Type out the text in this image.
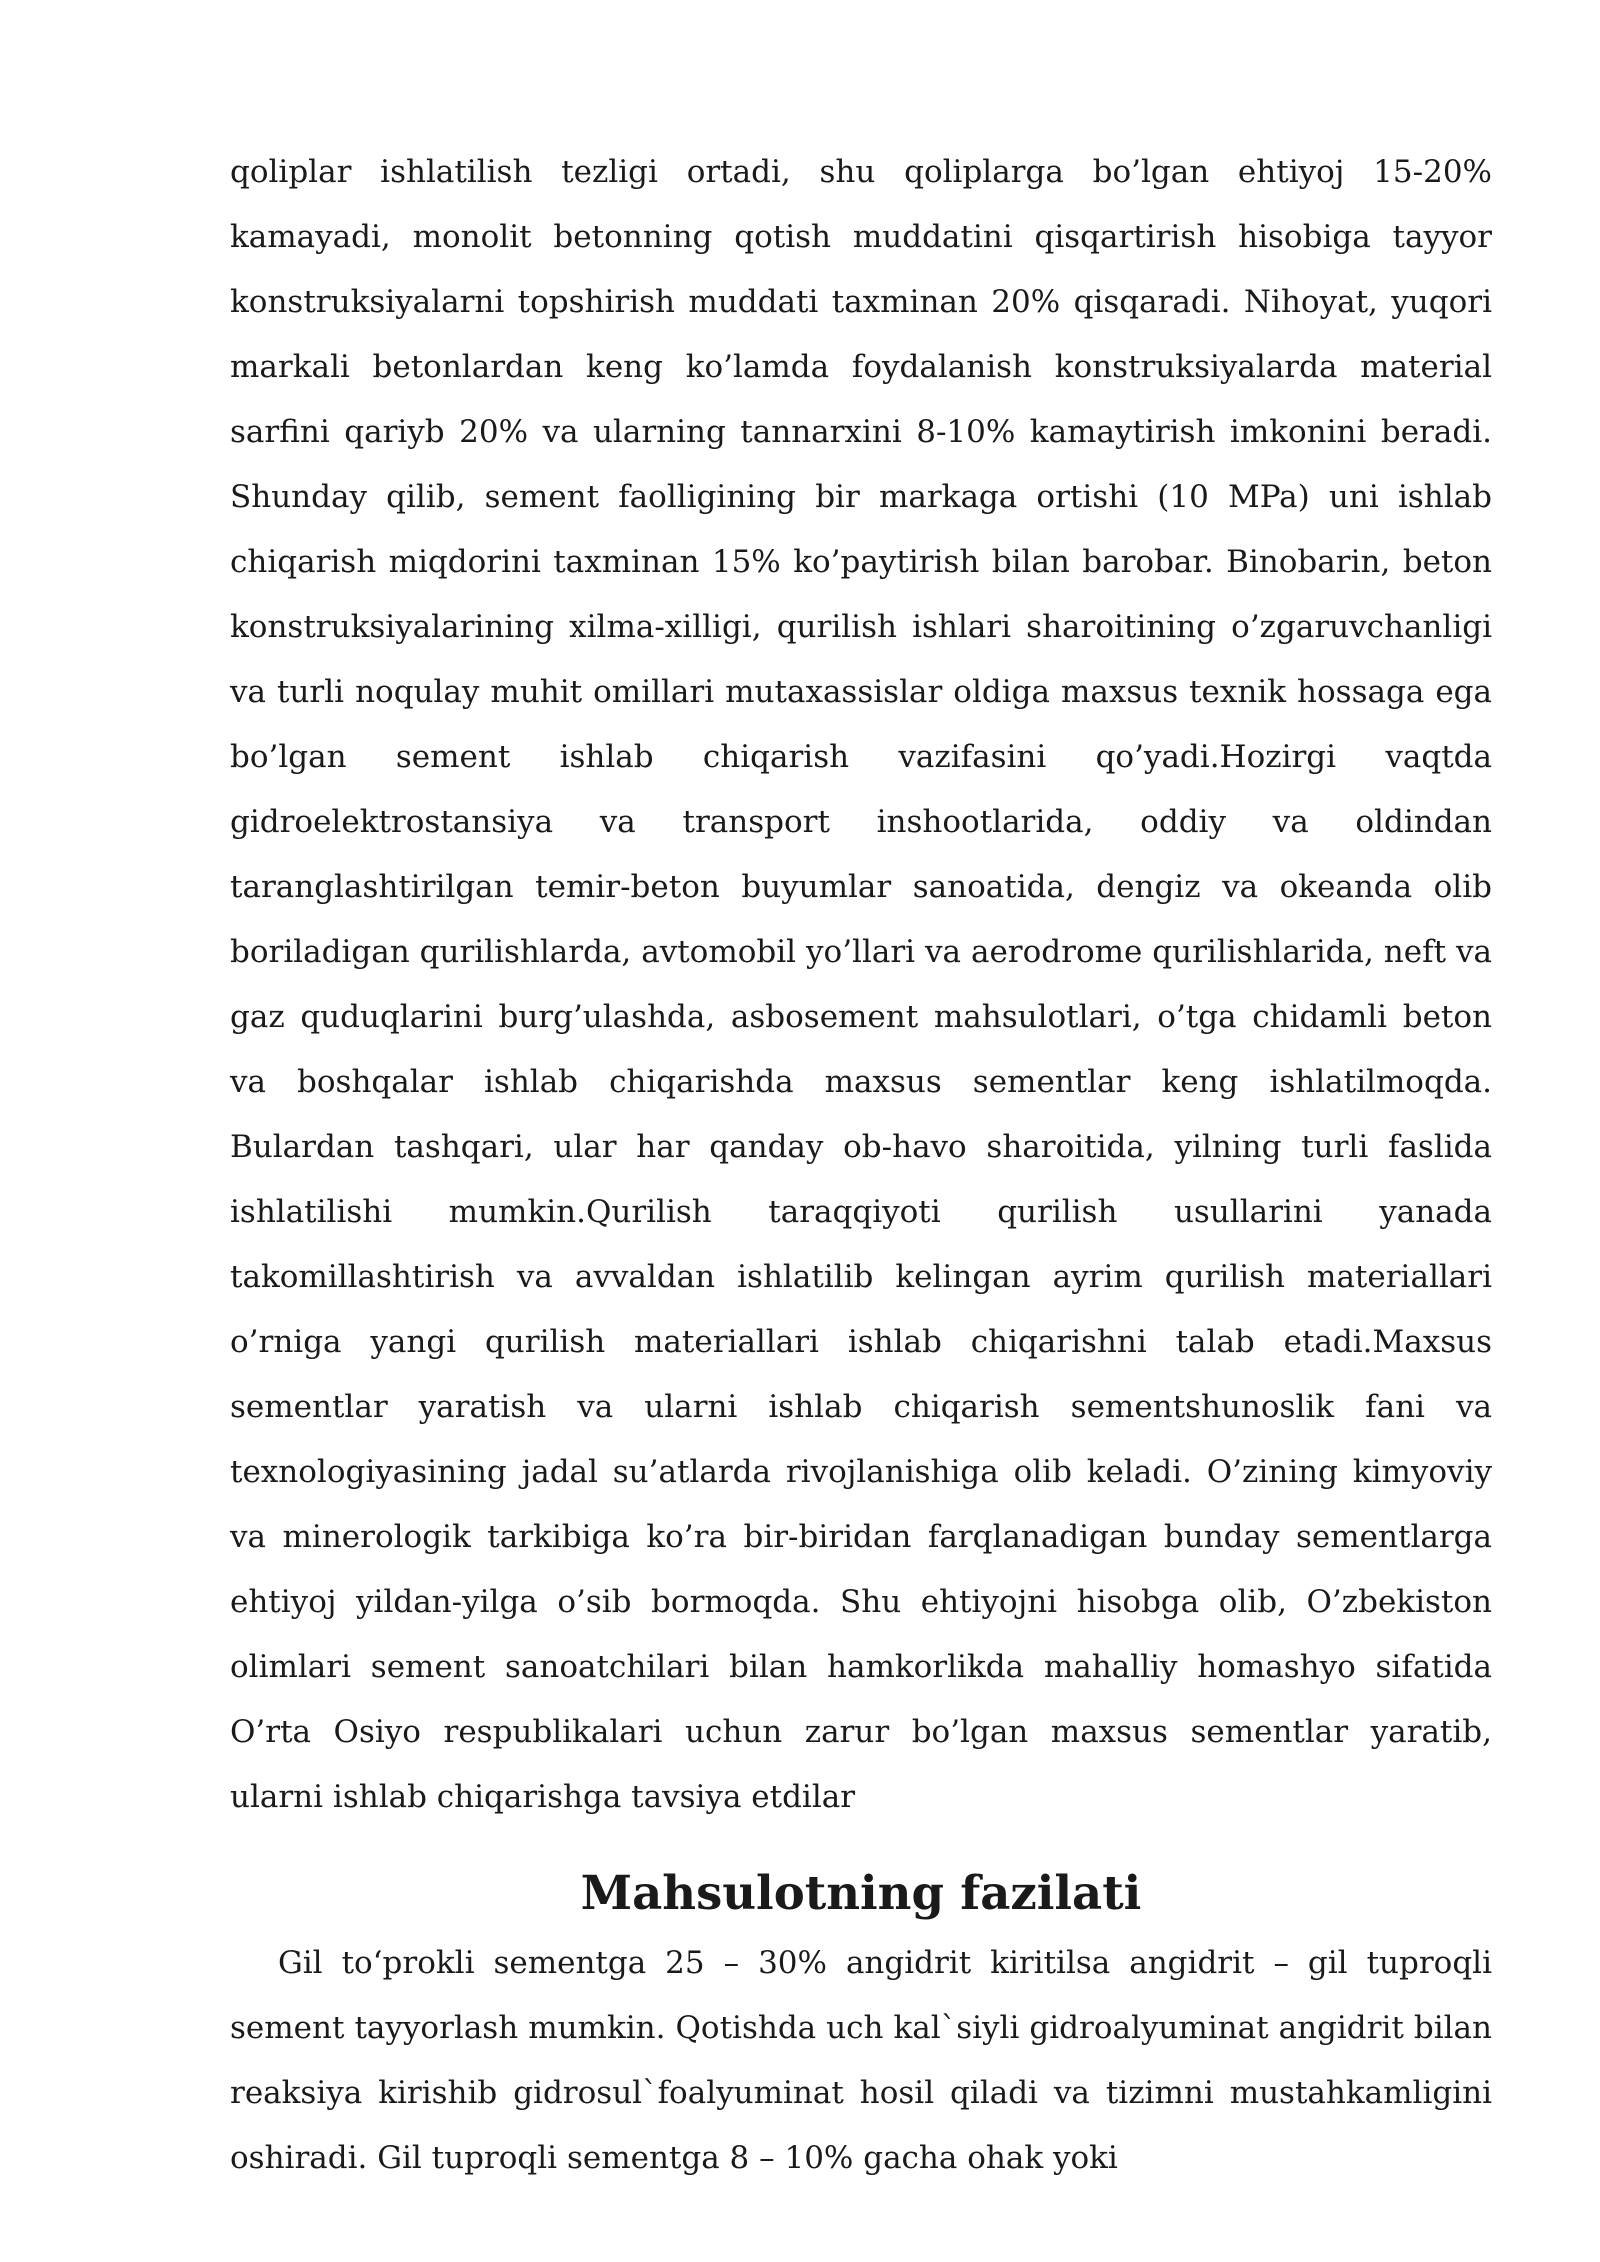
qoliplar ishlatilish tezligi ortadi, shu qoliplarga bo’lgan ehtiyoj 15-20% kamayadi, monolit betonning qotish muddatini qisqartirish hisobiga tayyor konstruksiyalarni topshirish muddati taxminan 20% qisqaradi. Nihoyat, yuqori markali betonlardan keng ko’lamda foydalanish konstruksiyalarda material sarfini qariyb 20% va ularning tannarxini 8-10% kamaytirish imkonini beradi. Shunday qilib, sement faolligining bir markaga ortishi (10 MPa) uni ishlab chiqarish miqdorini taxminan 15% ko’paytirish bilan barobar. Binobarin, beton konstruksiyalarining xilma-xilligi, qurilish ishlari sharoitining o’zgaruvchanligi va turli noqulay muhit omillari mutaxassislar oldiga maxsus texnik hossaga ega bo’lgan sement ishlab chiqarish vazifasini qo’yadi.Hozirgi vaqtda gidroelektrostansiya va transport inshootlarida, oddiy va oldindan taranglashtirilgan temir-beton buyumlar sanoatida, dengiz va okeanda olib boriladigan qurilishlarda, avtomobil yo’llari va aerodrome qurilishlarida, neft va gaz quduqlarini burg’ulashda, asbosement mahsulotlari, o’tga chidamli beton va boshqalar ishlab chiqarishda maxsus sementlar keng ishlatilmoqda. Bulardan tashqari, ular har qanday ob-havo sharoitida, yilning turli faslida ishlatilishi mumkin.Qurilish taraqqiyoti qurilish usullarini yanada takomillashtirish va avvaldan ishlatilib kelingan ayrim qurilish materiallari o’rniga yangi qurilish materiallari ishlab chiqarishni talab etadi.Maxsus sementlar yaratish va ularni ishlab chiqarish sementshunoslik fani va texnologiyasining jadal su’atlarda rivojlanishiga olib keladi. O’zining kimyoviy va minerologik tarkibiga ko’ra bir-biridan farqlanadigan bunday sementlarga ehtiyoj yildan-yilga o’sib bormoqda. Shu ehtiyojni hisobga olib, O’zbekiston olimlari sement sanoatchilari bilan hamkorlikda mahalliy homashyo sifatida O’rta Osiyo respublikalari uchun zarur bo’lgan maxsus sementlar yaratib, ularni ishlab chiqarishga tavsiya etdilar

Mahsulotning fazilati

Gil to‘prokli sementga 25 – 30% angidrit kiritilsa angidrit – gil tuproqli sement tayyorlash mumkin. Qotishda uch kal`siyli gidroalyuminat angidrit bilan reaksiya kirishib gidrosul`foalyuminat hosil qiladi va tizimni mustahkamligini oshiradi. Gil tuproqli sementga 8 – 10% gacha ohak yoki
